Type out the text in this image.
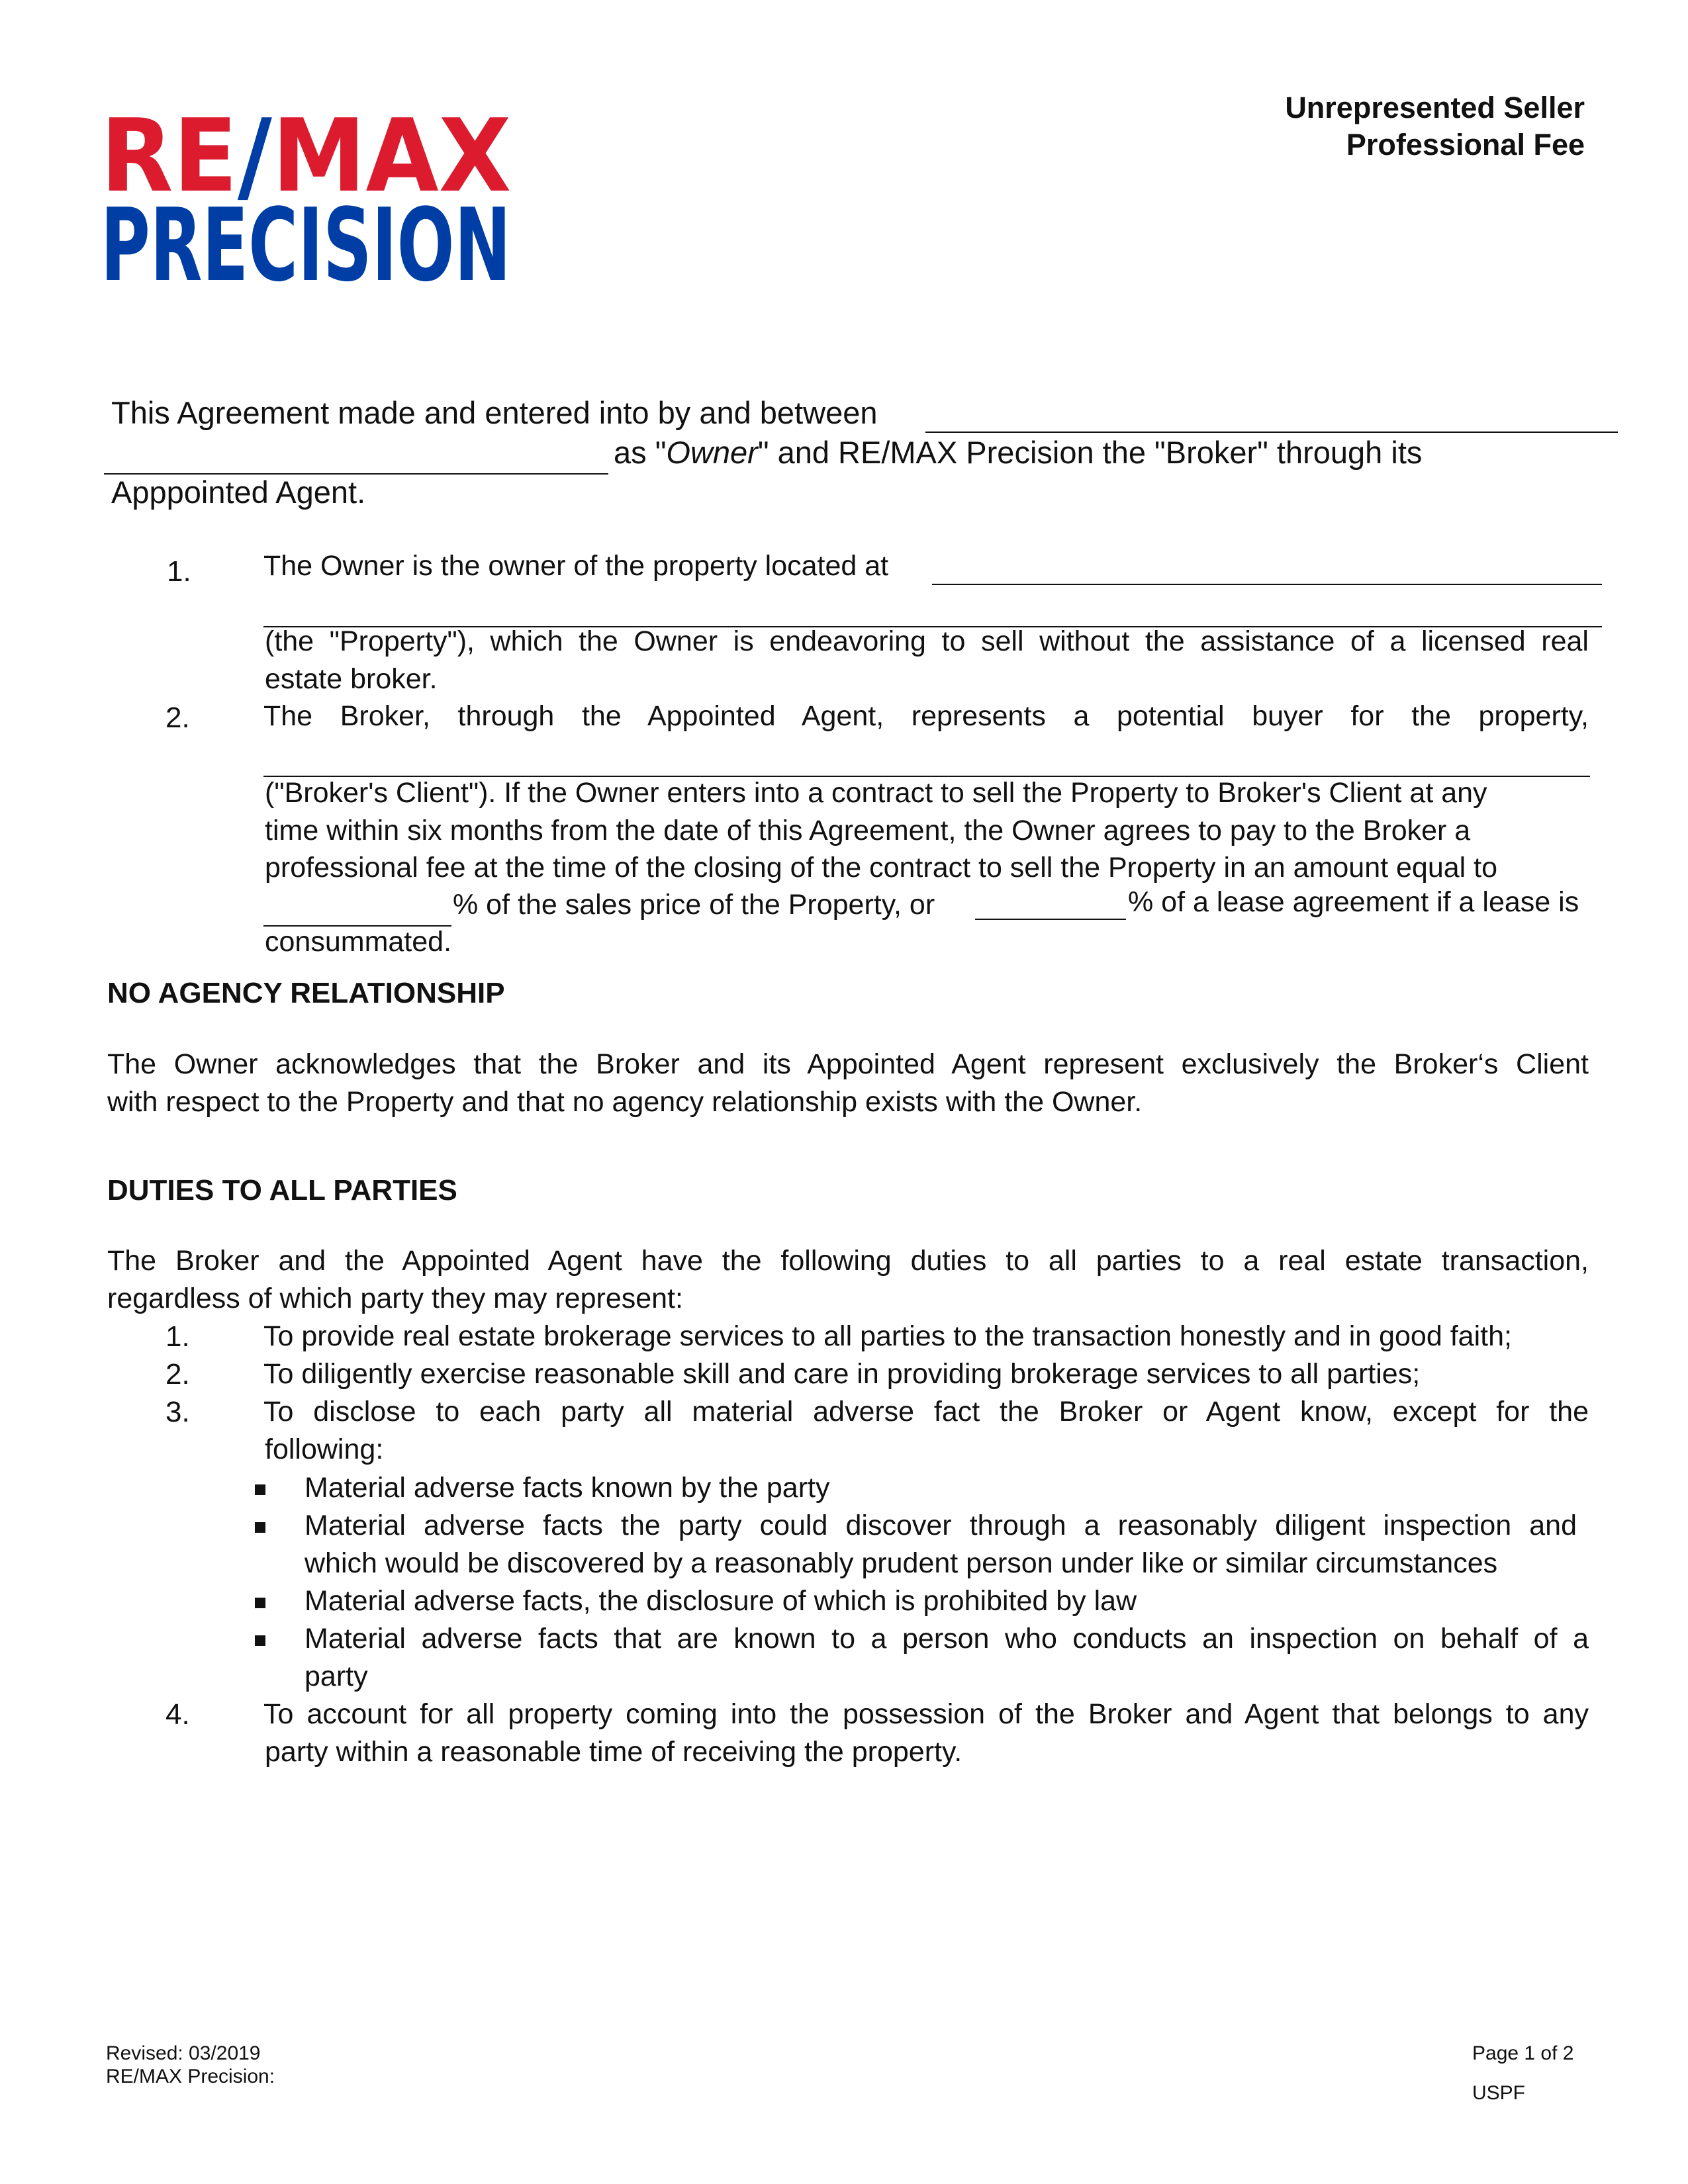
RE/MAX
PRECISION
Unrepresented Seller
Professional Fee
This Agreement made and entered into by and between
as "Owner" and RE/MAX Precision the "Broker" through its
Apppointed Agent.
1.	The Owner is the owner of the property located at
(the "Property"), which the Owner is endeavoring to sell without the assistance of a licensed real
estate broker.
2.	The Broker, through the Appointed Agent, represents a potential buyer for the property,
("Broker's Client"). If the Owner enters into a contract to sell the Property to Broker's Client at any
time within six months from the date of this Agreement, the Owner agrees to pay to the Broker a
professional fee at the time of the closing of the contract to sell the Property in an amount equal to
% of the sales price of the Property, or	% of a lease agreement if a lease is
consummated.
NO AGENCY RELATIONSHIP
The Owner acknowledges that the Broker and its Appointed Agent represent exclusively the Broker‘s Client
with respect to the Property and that no agency relationship exists with the Owner.
DUTIES TO ALL PARTIES
The Broker and the Appointed Agent have the following duties to all parties to a real estate transaction,
regardless of which party they may represent:
1.	To provide real estate brokerage services to all parties to the transaction honestly and in good faith;
2.	To diligently exercise reasonable skill and care in providing brokerage services to all parties;
3.	To disclose to each party all material adverse fact the Broker or Agent know, except for the
following:
Material adverse facts known by the party
Material adverse facts the party could discover through a reasonably diligent inspection and
which would be discovered by a reasonably prudent person under like or similar circumstances
Material adverse facts, the disclosure of which is prohibited by law
Material adverse facts that are known to a person who conducts an inspection on behalf of a
party
4.	To account for all property coming into the possession of the Broker and Agent that belongs to any
party within a reasonable time of receiving the property.
Revised: 03/2019
RE/MAX Precision:
Page 1 of 2
USPF
